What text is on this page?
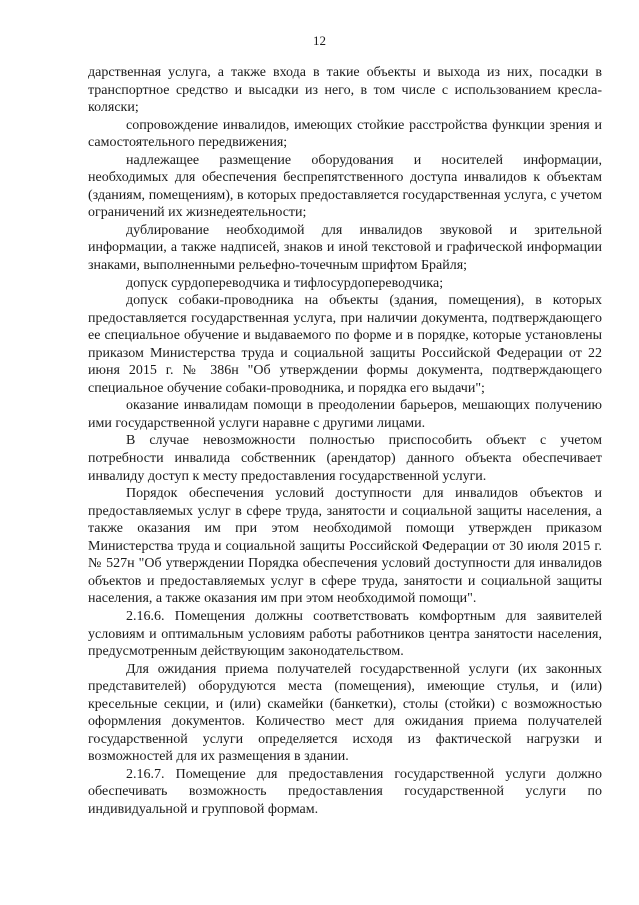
12

дарственная услуга, а также входа в такие объекты и выхода из них, посадки в транспортное средство и высадки из него, в том числе с использованием кресла-коляски;

сопровождение инвалидов, имеющих стойкие расстройства функции зрения и самостоятельного передвижения;

надлежащее размещение оборудования и носителей информации, необходимых для обеспечения беспрепятственного доступа инвалидов к объектам (зданиям, помещениям), в которых предоставляется государственная услуга, с учетом ограничений их жизнедеятельности;

дублирование необходимой для инвалидов звуковой и зрительной информации, а также надписей, знаков и иной текстовой и графической информации знаками, выполненными рельефно-точечным шрифтом Брайля;

допуск сурдопереводчика и тифлосурдопереводчика;

допуск собаки-проводника на объекты (здания, помещения), в которых предоставляется государственная услуга, при наличии документа, подтверждающего ее специальное обучение и выдаваемого по форме и в порядке, которые установлены приказом Министерства труда и социальной защиты Российской Федерации от 22 июня 2015 г. № 386н "Об утверждении формы документа, подтверждающего специальное обучение собаки-проводника, и порядка его выдачи";

оказание инвалидам помощи в преодолении барьеров, мешающих получению ими государственной услуги наравне с другими лицами.

В случае невозможности полностью приспособить объект с учетом потребности инвалида собственник (арендатор) данного объекта обеспечивает инвалиду доступ к месту предоставления государственной услуги.

Порядок обеспечения условий доступности для инвалидов объектов и предоставляемых услуг в сфере труда, занятости и социальной защиты населения, а также оказания им при этом необходимой помощи утвержден приказом Министерства труда и социальной защиты Российской Федерации от 30 июля 2015 г. № 527н "Об утверждении Порядка обеспечения условий доступности для инвалидов объектов и предоставляемых услуг в сфере труда, занятости и социальной защиты населения, а также оказания им при этом необходимой помощи".

2.16.6. Помещения должны соответствовать комфортным для заявителей условиям и оптимальным условиям работы работников центра занятости населения, предусмотренным действующим законодательством.

Для ожидания приема получателей государственной услуги (их законных представителей) оборудуются места (помещения), имеющие стулья, и (или) кресельные секции, и (или) скамейки (банкетки), столы (стойки) с возможностью оформления документов. Количество мест для ожидания приема получателей государственной услуги определяется исходя из фактической нагрузки и возможностей для их размещения в здании.

2.16.7. Помещение для предоставления государственной услуги должно обеспечивать возможность предоставления государственной услуги по индивидуальной и групповой формам.
